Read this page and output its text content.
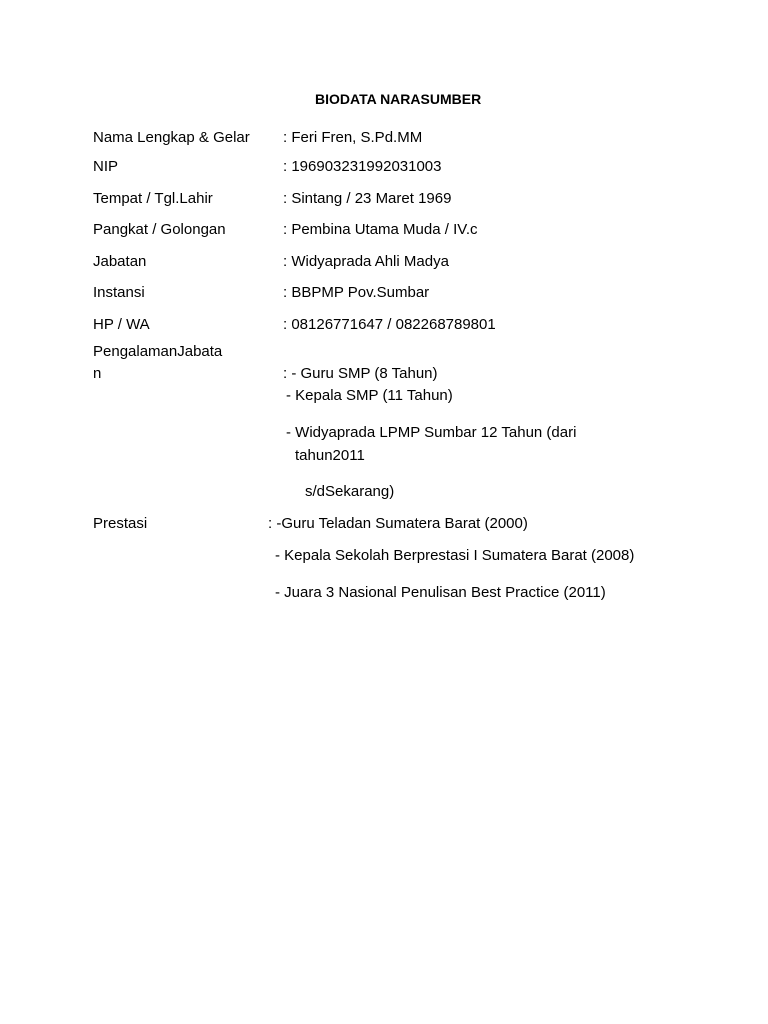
BIODATA NARASUMBER
Nama Lengkap & Gelar : Feri Fren, S.Pd.MM
NIP	: 196903231992031003
Tempat / Tgl.Lahir	: Sintang / 23 Maret 1969
Pangkat / Golongan	: Pembina Utama Muda / IV.c
Jabatan	: Widyaprada Ahli Madya
Instansi	: BBPMP Pov.Sumbar
HP / WA	: 08126771647 / 082268789801
PengalamanJabata
n	: - Guru SMP (8 Tahun)
- Kepala SMP (11 Tahun)
- Widyaprada LPMP Sumbar 12 Tahun (dari
tahun2011
s/dSekarang)
Prestasi	: -Guru Teladan Sumatera Barat (2000)
- Kepala Sekolah Berprestasi I Sumatera Barat (2008)
- Juara 3 Nasional Penulisan Best Practice (2011)
